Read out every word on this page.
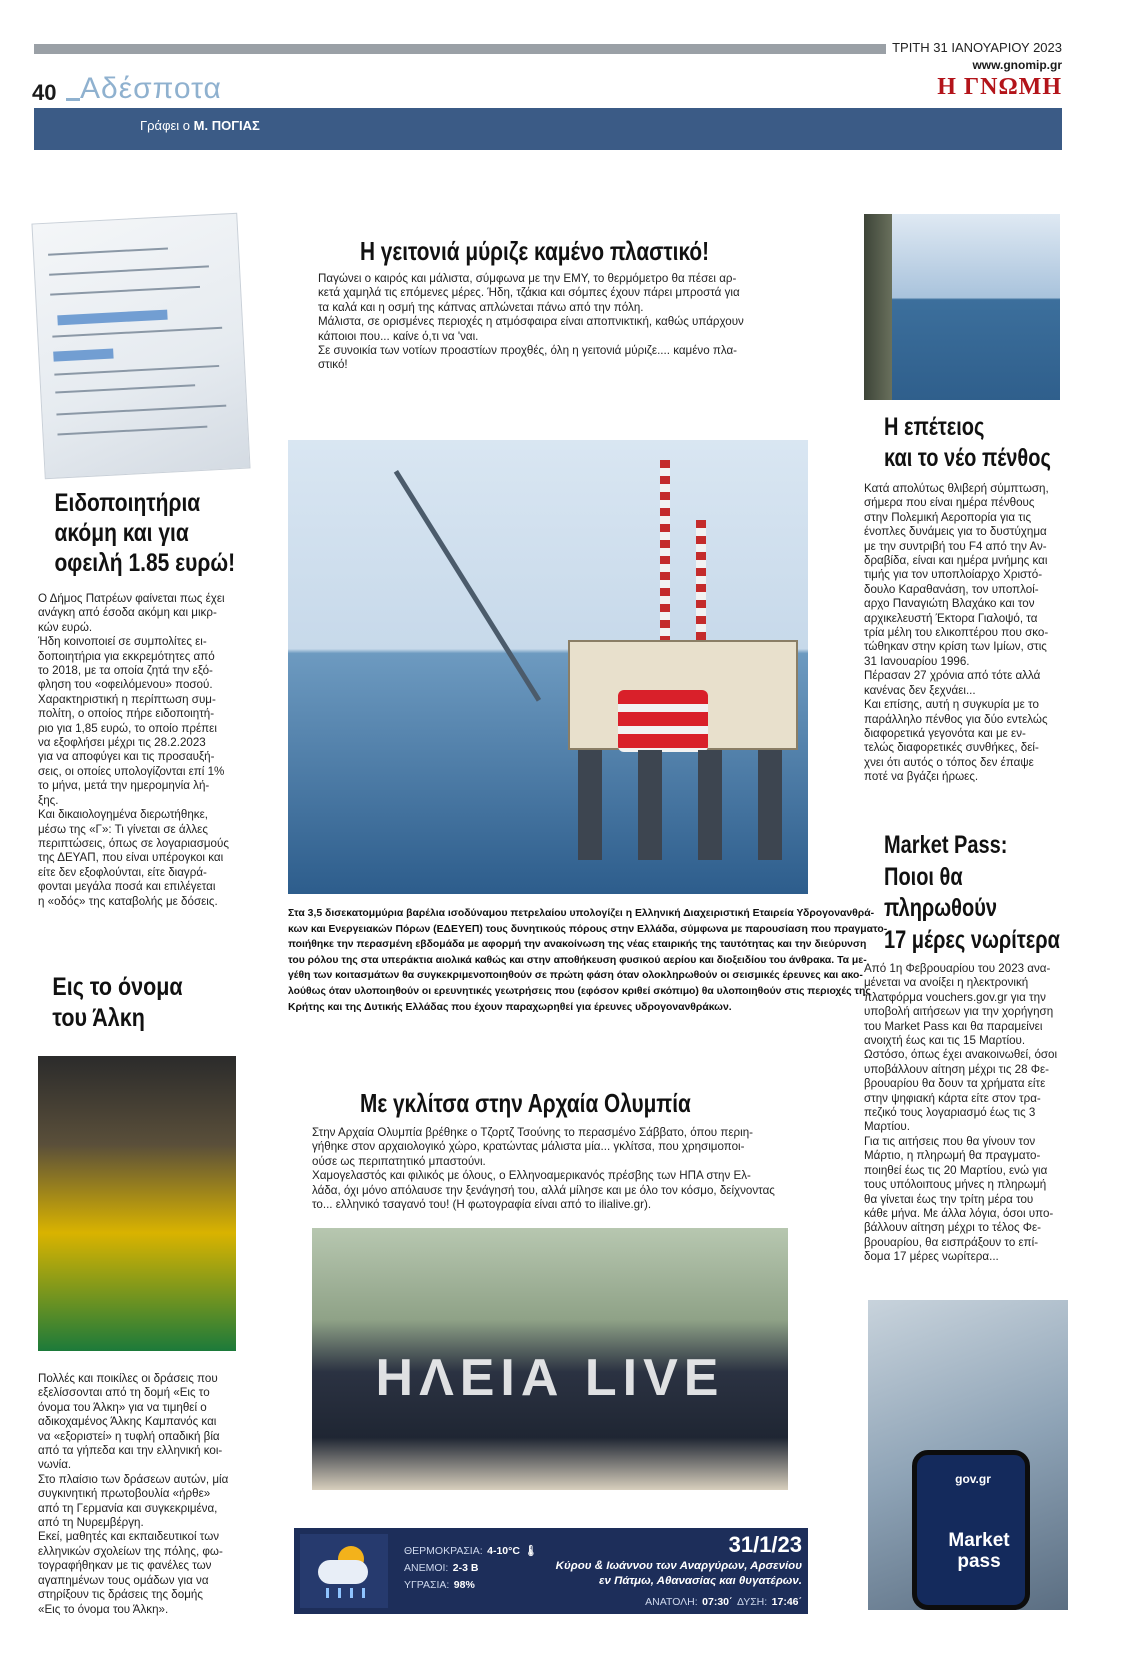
ΤΡΙΤΗ 31 ΙΑΝΟΥΑΡΙΟΥ 2023
www.gnomip.gr
Η ΓΝΩΜΗ
40 Αδέσποτα
Γράφει ο Μ. ΠΟΓΙΑΣ
Ειδοποιητήρια
ακόμη και για
οφειλή 1.85 ευρώ!
Ο Δήμος Πατρέων φαίνεται πως έχει
ανάγκη από έσοδα ακόμη και μικρ-
κών ευρώ.
Ήδη κοινοποιεί σε συμπολίτες ει-
δοποιητήρια για εκκρεμότητες από
το 2018, με τα οποία ζητά την εξό-
φληση του «οφειλόμενου» ποσού.
Χαρακτηριστική η περίπτωση συμ-
πολίτη, ο οποίος πήρε ειδοποιητή-
ριο για 1,85 ευρώ, το οποίο πρέπει
να εξοφλήσει μέχρι τις 28.2.2023
για να αποφύγει και τις προσαυξή-
σεις, οι οποίες υπολογίζονται επί 1%
το μήνα, μετά την ημερομηνία λή-
ξης.
Και δικαιολογημένα διερωτήθηκε,
μέσω της «Γ»: Τι γίνεται σε άλλες
περιπτώσεις, όπως σε λογαριασμούς
της ΔΕΥΑΠ, που είναι υπέρογκοι και
είτε δεν εξοφλούνται, είτε διαγρά-
φονται μεγάλα ποσά και επιλέγεται
η «οδός» της καταβολής με δόσεις.
Εις το όνομα
του Άλκη
Πολλές και ποικίλες οι δράσεις που
εξελίσσονται από τη δομή «Εις το
όνομα του Άλκη» για να τιμηθεί ο
αδικοχαμένος Άλκης Καμπανός και
να «εξοριστεί» η τυφλή οπαδική βία
από τα γήπεδα και την ελληνική κοι-
νωνία.
Στο πλαίσιο των δράσεων αυτών, μία
συγκινητική πρωτοβουλία «ήρθε»
από τη Γερμανία και συγκεκριμένα,
από τη Νυρεμβέργη.
Εκεί, μαθητές και εκπαιδευτικοί των
ελληνικών σχολείων της πόλης, φω-
τογραφήθηκαν με τις φανέλες των
αγαπημένων τους ομάδων για να
στηρίξουν τις δράσεις της δομής
«Εις το όνομα του Άλκη».
Η γειτονιά μύριζε καμένο πλαστικό!
Παγώνει ο καιρός και μάλιστα, σύμφωνα με την ΕΜΥ, το θερμόμετρο θα πέσει αρ-
κετά χαμηλά τις επόμενες μέρες. Ήδη, τζάκια και σόμπες έχουν πάρει μπροστά για
τα καλά και η οσμή της κάπνας απλώνεται πάνω από την πόλη.
Μάλιστα, σε ορισμένες περιοχές η ατμόσφαιρα είναι αποπνικτική, καθώς υπάρχουν
κάποιοι που... καίνε ό,τι να 'ναι.
Σε συνοικία των νοτίων προαστίων προχθές, όλη η γειτονιά μύριζε.... καμένο πλα-
στικό!
Στα 3,5 δισεκατομμύρια βαρέλια ισοδύναμου πετρελαίου υπολογίζει η Ελληνική Διαχειριστική Εταιρεία Υδρογονανθρά-
κων και Ενεργειακών Πόρων (ΕΔΕΥΕΠ) τους δυνητικούς πόρους στην Ελλάδα, σύμφωνα με παρουσίαση που πραγματο-
ποιήθηκε την περασμένη εβδομάδα με αφορμή την ανακοίνωση της νέας εταιρικής της ταυτότητας και την διεύρυνση
του ρόλου της στα υπεράκτια αιολικά καθώς και στην αποθήκευση φυσικού αερίου και διοξειδίου του άνθρακα. Τα με-
γέθη των κοιτασμάτων θα συγκεκριμενοποιηθούν σε πρώτη φάση όταν ολοκληρωθούν οι σεισμικές έρευνες και ακο-
λούθως όταν υλοποιηθούν οι ερευνητικές γεωτρήσεις που (εφόσον κριθεί σκόπιμο) θα υλοποιηθούν στις περιοχές της
Κρήτης και της Δυτικής Ελλάδας που έχουν παραχωρηθεί για έρευνες υδρογονανθράκων.
Με γκλίτσα στην Αρχαία Ολυμπία
Στην Αρχαία Ολυμπία βρέθηκε ο Τζορτζ Τσούνης το περασμένο Σάββατο, όπου περιη-
γήθηκε στον αρχαιολογικό χώρο, κρατώντας μάλιστα μία... γκλίτσα, που χρησιμοποι-
ούσε ως περιπατητικό μπαστούνι.
Χαμογελαστός και φιλικός με όλους, ο Ελληνοαμερικανός πρέσβης των ΗΠΑ στην Ελ-
λάδα, όχι μόνο απόλαυσε την ξενάγησή του, αλλά μίλησε και με όλο τον κόσμο, δείχνοντας
το... ελληνικό τσαγανό του! (Η φωτογραφία είναι από το ilialive.gr).
ΗΛΕΙΑ LIVE
Η επέτειος
και το νέο πένθος
Κατά απολύτως θλιβερή σύμπτωση,
σήμερα που είναι ημέρα πένθους
στην Πολεμική Αεροπορία για τις
ένοπλες δυνάμεις για το δυστύχημα
με την συντριβή του F4 από την Αν-
δραβίδα, είναι και ημέρα μνήμης και
τιμής για τον υποπλοίαρχο Χριστό-
δουλο Καραθανάση, τον υποπλοί-
αρχο Παναγιώτη Βλαχάκο και τον
αρχικελευστή Έκτορα Γιαλοψό, τα
τρία μέλη του ελικοπτέρου που σκο-
τώθηκαν στην κρίση των Ιμίων, στις
31 Ιανουαρίου 1996.
Πέρασαν 27 χρόνια από τότε αλλά
κανένας δεν ξεχνάει...
Και επίσης, αυτή η συγκυρία με το
παράλληλο πένθος για δύο εντελώς
διαφορετικά γεγονότα και με εν-
τελώς διαφορετικές συνθήκες, δεί-
χνει ότι αυτός ο τόπος δεν έπαψε
ποτέ να βγάζει ήρωες.
Market Pass:
Ποιοι θα
πληρωθούν
17 μέρες νωρίτερα
Από 1η Φεβρουαρίου του 2023 ανα-
μένεται να ανοίξει η ηλεκτρονική
πλατφόρμα vouchers.gov.gr για την
υποβολή αιτήσεων για την χορήγηση
του Market Pass και θα παραμείνει
ανοιχτή έως και τις 15 Μαρτίου.
Ωστόσο, όπως έχει ανακοινωθεί, όσοι
υποβάλλουν αίτηση μέχρι τις 28 Φε-
βρουαρίου θα δουν τα χρήματα είτε
στην ψηφιακή κάρτα είτε στον τρα-
πεζικό τους λογαριασμό έως τις 3
Μαρτίου.
Για τις αιτήσεις που θα γίνουν τον
Μάρτιο, η πληρωμή θα πραγματο-
ποιηθεί έως τις 20 Μαρτίου, ενώ για
τους υπόλοιπους μήνες η πληρωμή
θα γίνεται έως την τρίτη μέρα του
κάθε μήνα. Με άλλα λόγια, όσοι υπο-
βάλλουν αίτηση μέχρι το τέλος Φε-
βρουαρίου, θα εισπράξουν το επί-
δομα 17 μέρες νωρίτερα...
gov.gr
Market pass
ΘΕΡΜΟΚΡΑΣΙΑ: 4-10°C 🌡
ΑΝΕΜΟΙ: 2-3 Β
ΥΓΡΑΣΙΑ: 98%
31/1/23
Κύρου & Ιωάννου των Αναργύρων, Αρσενίου
εν Πάτμω, Αθανασίας και θυγατέρων.
ΑΝΑΤΟΛΗ: 07:30΄ ΔΥΣΗ: 17:46΄
